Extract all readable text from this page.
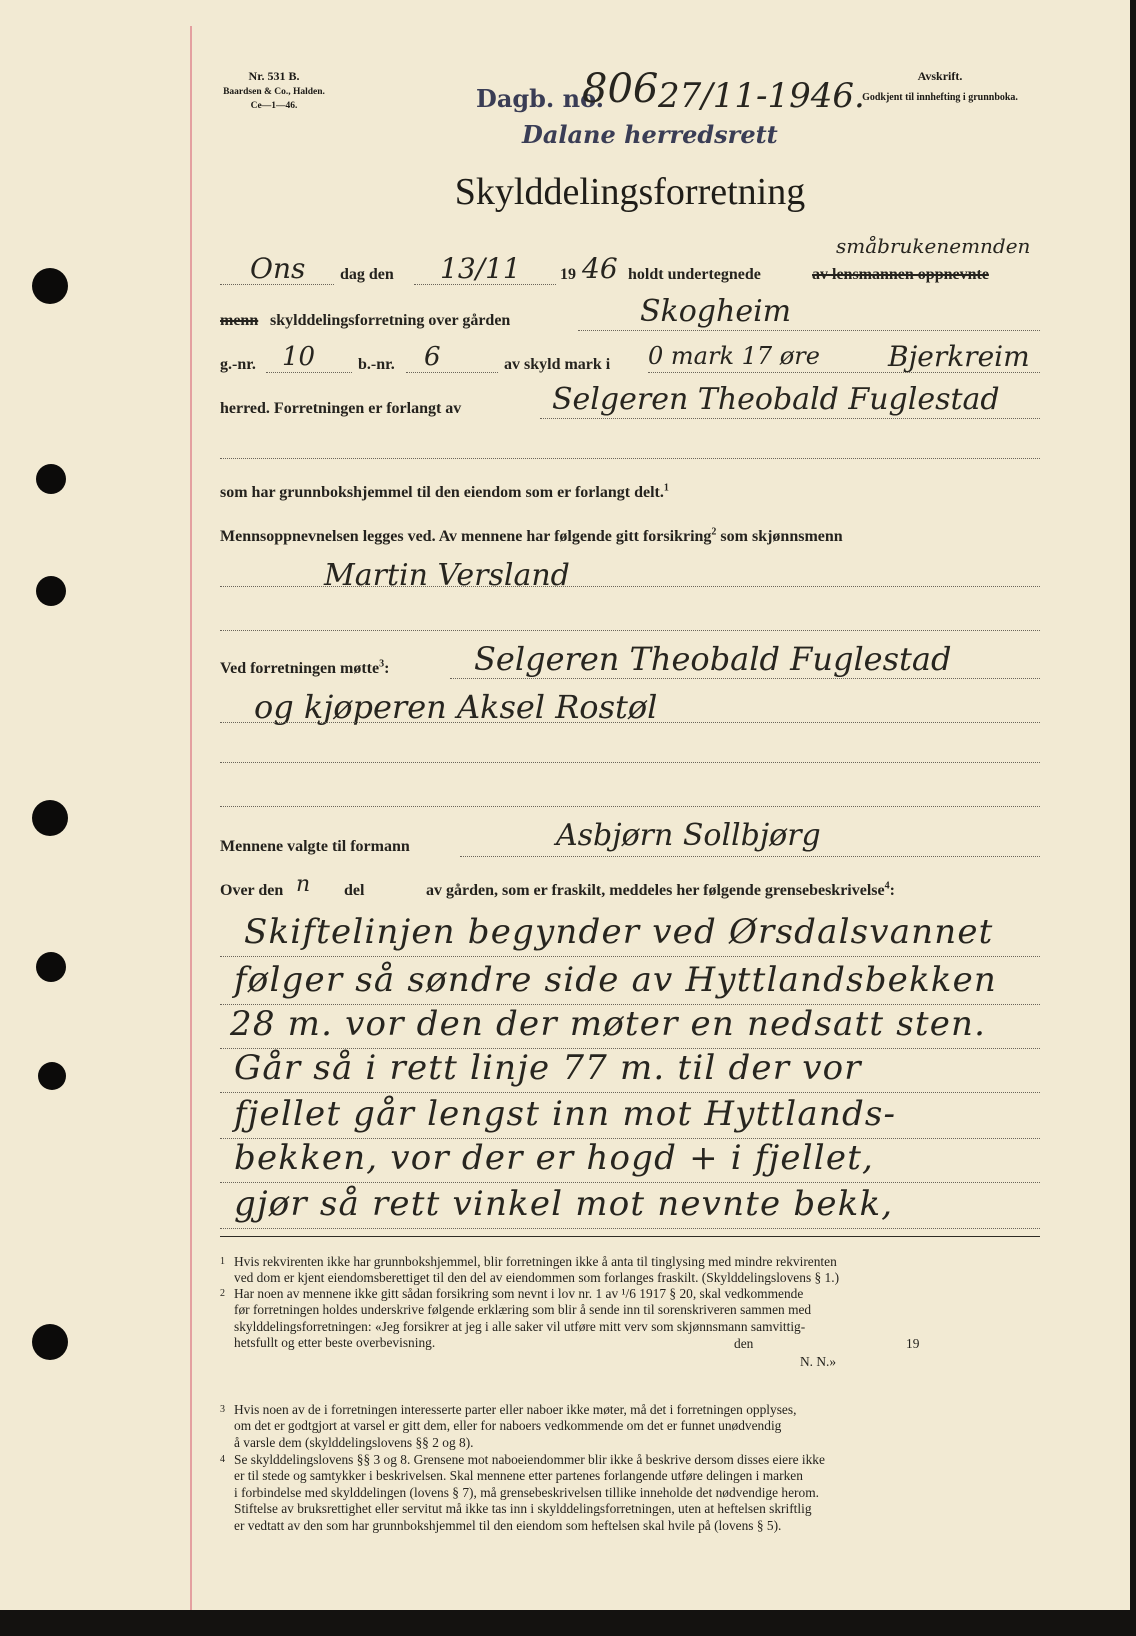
Nr. 531 B.
Baardsen & Co., Halden.
Ce—1—46.
Avskrift.
Godkjent til innhefting i grunnboka.
Dagb. no.
806 27/11-1946.
Dalane herredsrett
Skylddelingsforretning
småbrukenemnden
Ons dag den 13/11 19 46 holdt undertegnede	av lensmannen oppnevnte
menn skylddelingsforretning over gården	Skogheim
g.-nr. 10	b.-nr. 6	av skyld mark i 0 mark 17 øre Bjerkreim
herred. Forretningen er forlangt av	Selgeren Theobald Fuglestad
som har grunnbokshjemmel til den eiendom som er forlangt delt.$^1$
Mennsoppnevnelsen legges ved. Av mennene har følgende gitt forsikring$^2$ som skjønnsmenn
Martin Versland
Ved forretningen møtte$^3$:	Selgeren Theobald Fuglestad
og kjøperen Aksel Rostøl
Mennene valgte til formann	Asbjørn Sollbjørg
Over den n del	av gården, som er fraskilt, meddeles her følgende grensebeskrivelse$^4$:
Skiftelinjen begynder ved Ørsdalsvannet
følger så søndre side av Hyttlandsbekken
28 m. vor den der møter en nedsatt sten.
Går så i rett linje 77 m. til der vor
fjellet går lengst inn mot Hyttlands-
bekken, vor der er hogd + i fjellet,
gjør så rett vinkel mot nevnte bekk,
1 Hvis rekvirenten ikke har grunnbokshjemmel, blir forretningen ikke å anta til tinglysing med mindre rekvirenten
ved dom er kjent eiendomsberettiget til den del av eiendommen som forlanges fraskilt. (Skylddelingslovens § 1.)
2 Har noen av mennene ikke gitt sådan forsikring som nevnt i lov nr. 1 av ¹/6 1917 § 20, skal vedkommende
før forretningen holdes underskrive følgende erklæring som blir å sende inn til sorenskriveren sammen med
skylddelingsforretningen: «Jeg forsikrer at jeg i alle saker vil utføre mitt verv som skjønnsmann samvittig-
hetsfullt og etter beste overbevisning.	den	19
N. N.»
3 Hvis noen av de i forretningen interesserte parter eller naboer ikke møter, må det i forretningen opplyses,
om det er godtgjort at varsel er gitt dem, eller for naboers vedkommende om det er funnet unødvendig
å varsle dem (skylddelingslovens §§ 2 og 8).
4 Se skylddelingslovens §§ 3 og 8. Grensene mot naboeiendommer blir ikke å beskrive dersom disses eiere ikke
er til stede og samtykker i beskrivelsen. Skal mennene etter partenes forlangende utføre delingen i marken
i forbindelse med skylddelingen (lovens § 7), må grensebeskrivelsen tillike inneholde det nødvendige herom.
Stiftelse av bruksrettighet eller servitut må ikke tas inn i skylddelingsforretningen, uten at heftelsen skriftlig
er vedtatt av den som har grunnbokshjemmel til den eiendom som heftelsen skal hvile på (lovens § 5).
